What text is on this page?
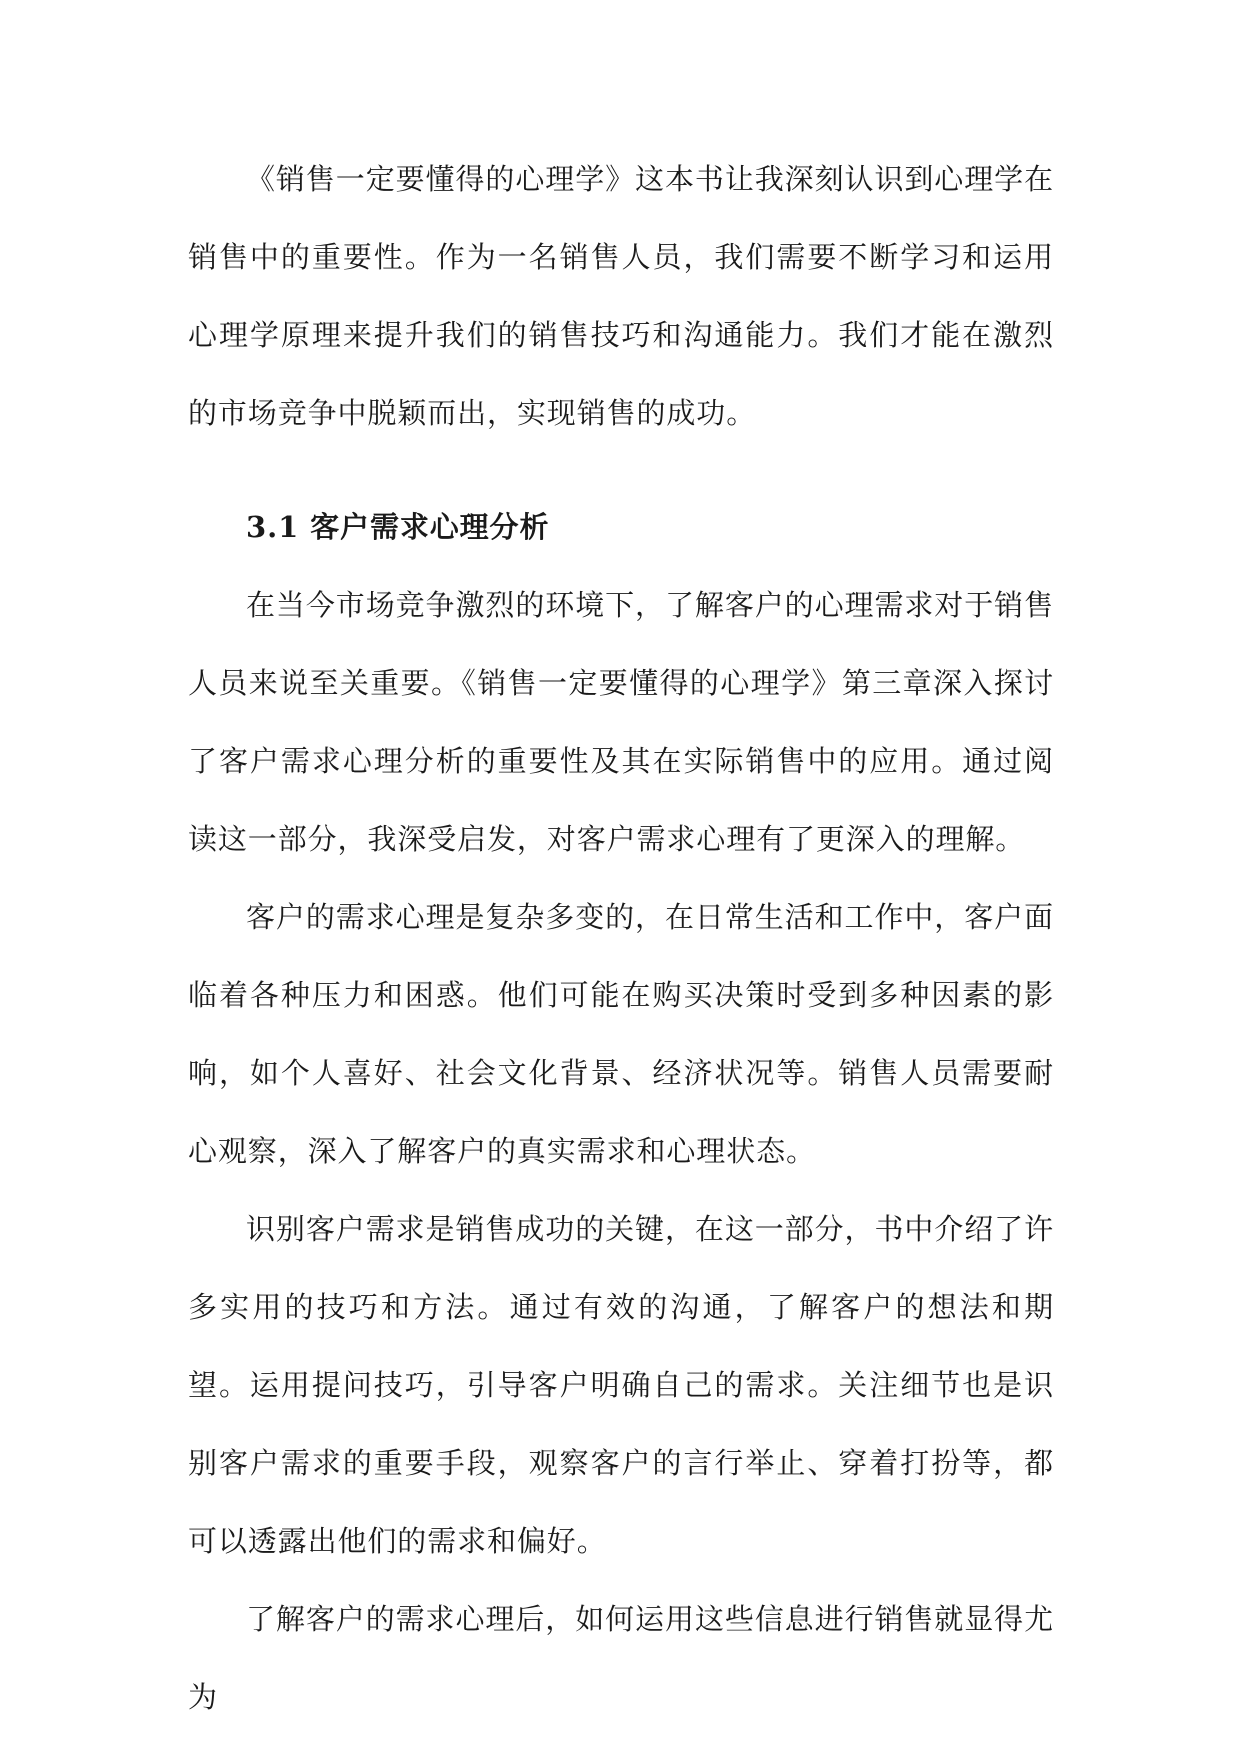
《销售一定要懂得的心理学》这本书让我深刻认识到心理学在销售中的重要性。作为一名销售人员，我们需要不断学习和运用心理学原理来提升我们的销售技巧和沟通能力。我们才能在激烈的市场竞争中脱颖而出，实现销售的成功。

3.1 客户需求心理分析

在当今市场竞争激烈的环境下，了解客户的心理需求对于销售人员来说至关重要。《销售一定要懂得的心理学》第三章深入探讨了客户需求心理分析的重要性及其在实际销售中的应用。通过阅读这一部分，我深受启发，对客户需求心理有了更深入的理解。

客户的需求心理是复杂多变的，在日常生活和工作中，客户面临着各种压力和困惑。他们可能在购买决策时受到多种因素的影响，如个人喜好、社会文化背景、经济状况等。销售人员需要耐心观察，深入了解客户的真实需求和心理状态。

识别客户需求是销售成功的关键，在这一部分，书中介绍了许多实用的技巧和方法。通过有效的沟通，了解客户的想法和期望。运用提问技巧，引导客户明确自己的需求。关注细节也是识别客户需求的重要手段，观察客户的言行举止、穿着打扮等，都可以透露出他们的需求和偏好。

了解客户的需求心理后，如何运用这些信息进行销售就显得尤为
